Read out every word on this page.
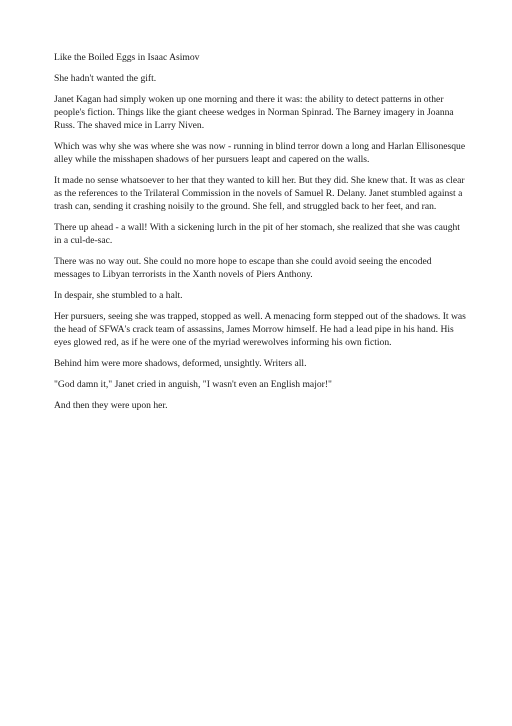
Like the Boiled Eggs in Isaac Asimov

She hadn't wanted the gift.

Janet Kagan had simply woken up one morning and there it was: the ability to detect patterns in other people's fiction. Things like the giant cheese wedges in Norman Spinrad. The Barney imagery in Joanna Russ. The shaved mice in Larry Niven.

Which was why she was where she was now - running in blind terror down a long and Harlan Ellisonesque alley while the misshapen shadows of her pursuers leapt and capered on the walls.

It made no sense whatsoever to her that they wanted to kill her. But they did. She knew that. It was as clear as the references to the Trilateral Commission in the novels of Samuel R. Delany. Janet stumbled against a trash can, sending it crashing noisily to the ground. She fell, and struggled back to her feet, and ran.

There up ahead - a wall! With a sickening lurch in the pit of her stomach, she realized that she was caught in a cul-de-sac.

There was no way out. She could no more hope to escape than she could avoid seeing the encoded messages to Libyan terrorists in the Xanth novels of Piers Anthony.

In despair, she stumbled to a halt.

Her pursuers, seeing she was trapped, stopped as well. A menacing form stepped out of the shadows. It was the head of SFWA's crack team of assassins, James Morrow himself. He had a lead pipe in his hand. His eyes glowed red, as if he were one of the myriad werewolves informing his own fiction.

Behind him were more shadows, deformed, unsightly. Writers all.

"God damn it," Janet cried in anguish, "I wasn't even an English major!"

And then they were upon her.
